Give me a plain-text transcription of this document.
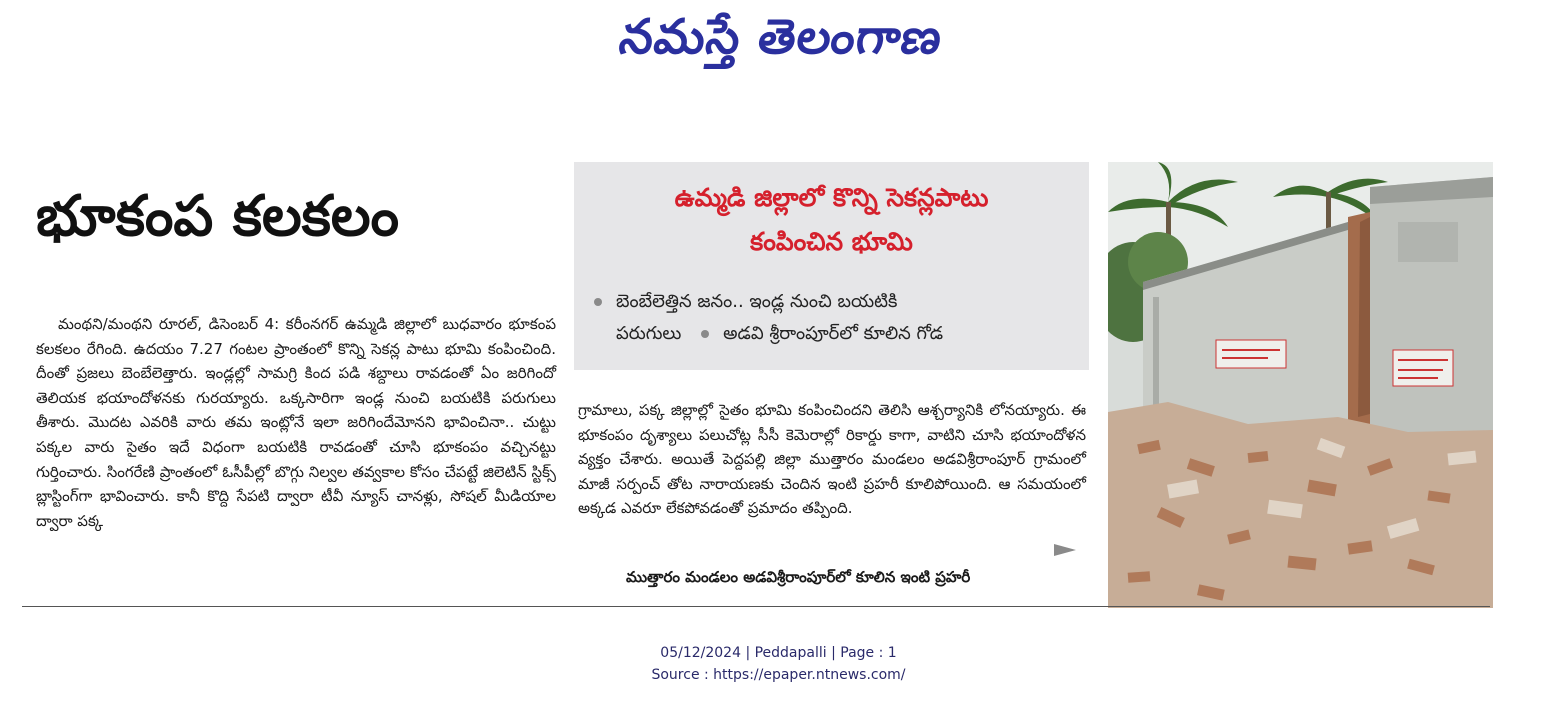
నమస్తే తెలంగాణ
భూకంప కలకలం

మంథని/మంథని రూరల్, డిసెంబర్ 4: కరీంనగర్ ఉమ్మడి జిల్లాలో బుధవారం భూకంప కలకలం రేగింది. ఉదయం 7.27 గంటల ప్రాంతంలో కొన్ని సెకన్ల పాటు భూమి కంపించింది. దీంతో ప్రజలు బెంబేలెత్తారు. ఇండ్లల్లో సామగ్రి కింద పడి శబ్దాలు రావడంతో ఏం జరిగిందో తెలియక భయాందోళనకు గురయ్యారు. ఒక్కసారిగా ఇండ్ల నుంచి బయటికి పరుగులు తీశారు. మొదట ఎవరికి వారు తమ ఇంట్లోనే ఇలా జరిగిందేమోనని భావించినా.. చుట్టు పక్కల వారు సైతం ఇదే విధంగా బయటికి రావడంతో చూసి భూకంపం వచ్చినట్టు గుర్తించారు. సింగరేణి ప్రాంతంలో ఓసీపీల్లో బొగ్గు నిల్వల తవ్వకాల కోసం చేపట్టే జిలెటిన్ స్టిక్స్ బ్లాస్టింగ్‌గా భావించారు. కానీ కొద్ది సేపటి ద్వారా టీవీ న్యూస్ చానళ్లు, సోషల్ మీడియాల ద్వారా పక్క

ఉమ్మడి జిల్లాలో కొన్ని సెకన్లపాటు
కంపించిన భూమి
బెంబేలెత్తిన జనం.. ఇండ్ల నుంచి బయటికి
పరుగులు అడవి శ్రీరాంపూర్‌లో కూలిన గోడ

గ్రామాలు, పక్క జిల్లాల్లో సైతం భూమి కంపించిందని తెలిసి ఆశ్చర్యానికి లోనయ్యారు. ఈ భూకంపం దృశ్యాలు పలుచోట్ల సీసీ కెమెరాల్లో రికార్డు కాగా, వాటిని చూసి భయాందోళన వ్యక్తం చేశారు. అయితే పెద్దపల్లి జిల్లా ముత్తారం మండలం అడవిశ్రీరాంపూర్ గ్రామంలో మాజీ సర్పంచ్ తోట నారాయణకు చెందిన ఇంటి ప్రహరీ కూలిపోయింది. ఆ సమయంలో అక్కడ ఎవరూ లేకపోవడంతో ప్రమాదం తప్పింది.

ముత్తారం మండలం అడవిశ్రీరాంపూర్‌లో కూలిన ఇంటి ప్రహరీ
05/12/2024 | Peddapalli | Page : 1
Source : https://epaper.ntnews.com/
